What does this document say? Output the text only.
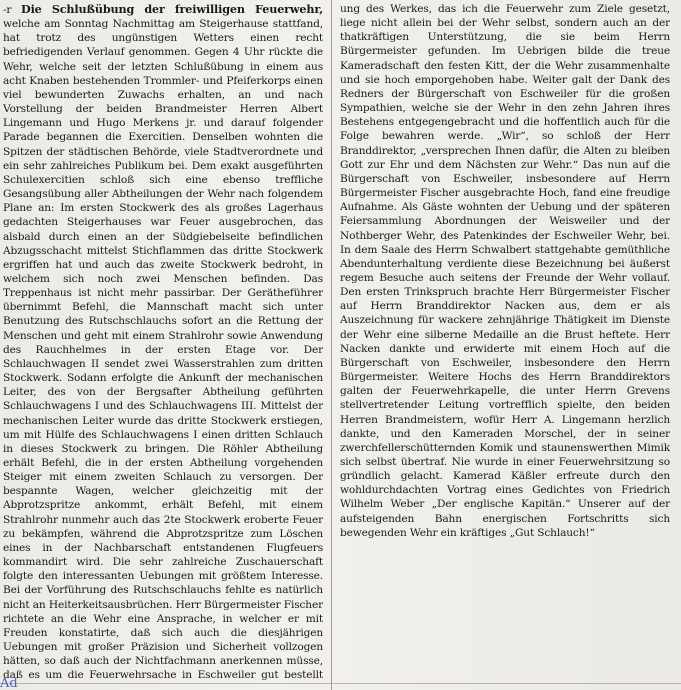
-r Die Schlußübung der freiwilligen Feuerwehr, welche am Sonntag Nachmittag am Steigerhause stattfand, hat trotz des ungünstigen Wetters einen recht befriedigenden Verlauf genommen. Gegen 4 Uhr rückte die Wehr, welche seit der letzten Schlußübung in einem aus acht Knaben bestehenden Trommler- und Pfeiferkorps einen viel bewunderten Zuwachs erhalten, an und nach Vorstellung der beiden Brandmeister Herren Albert Lingemann und Hugo Merkens jr. und darauf folgender Parade begannen die Exercitien. Denselben wohnten die Spitzen der städtischen Behörde, viele Stadtverordnete und ein sehr zahlreiches Publikum bei. Dem exakt ausgeführten Schulexercitien schloß sich eine ebenso treffliche Gesangsübung aller Abtheilungen der Wehr nach folgendem Plane an: Im ersten Stockwerk des als großes Lagerhaus gedachten Steigerhauses war Feuer ausgebrochen, das alsbald durch einen an der Südgiebelseite befindlichen Abzugsschacht mittelst Stichflammen das dritte Stockwerk ergriffen hat und auch das zweite Stockwerk bedroht, in welchem sich noch zwei Menschen befinden. Das Treppenhaus ist nicht mehr passirbar. Der Gerätheführer übernimmt Befehl, die Mannschaft macht sich unter Benutzung des Rutschschlauchs sofort an die Rettung der Menschen und geht mit einem Strahlrohr sowie Anwendung des Rauchhelmes in der ersten Etage vor. Der Schlauchwagen II sendet zwei Wasserstrahlen zum dritten Stockwerk. Sodann erfolgte die Ankunft der mechanischen Leiter, des von der Bergsafter Abtheilung geführten Schlauchwagens I und des Schlauchwagens III. Mittelst der mechanischen Leiter wurde das dritte Stockwerk erstiegen, um mit Hülfe des Schlauchwagens I einen dritten Schlauch in dieses Stockwerk zu bringen. Die Röhler Abtheilung erhält Befehl, die in der ersten Abtheilung vorgehenden Steiger mit einem zweiten Schlauch zu versorgen. Der bespannte Wagen, welcher gleichzeitig mit der Abprotzspritze ankommt, erhält Befehl, mit einem Strahlrohr nunmehr auch das 2te Stockwerk eroberte Feuer zu bekämpfen, während die Abprotzspritze zum Löschen eines in der Nachbarschaft entstandenen Flugfeuers kommandirt wird. Die sehr zahlreiche Zuschauerschaft folgte den interessanten Uebungen mit größtem Interesse. Bei der Vorführung des Rutschschlauchs fehlte es natürlich nicht an Heiterkeitsausbrüchen. Herr Bürgermeister Fischer richtete an die Wehr eine Ansprache, in welcher er mit Freuden konstatirte, daß sich auch die diesjährigen Uebungen mit großer Präzision und Sicherheit vollzogen hätten, so daß auch der Nichtfachmann anerkennen müsse, daß es um die Feuerwehrsache in Eschweiler gut bestellt

ung des Werkes, das ich die Feuerwehr zum Ziele gesetzt, liege nicht allein bei der Wehr selbst, sondern auch an der thatkräftigen Unterstützung, die sie beim Herrn Bürgermeister gefunden. Im Uebrigen bilde die treue Kameradschaft den festen Kitt, der die Wehr zusammenhalte und sie hoch emporgehoben habe. Weiter galt der Dank des Redners der Bürgerschaft von Eschweiler für die großen Sympathien, welche sie der Wehr in den zehn Jahren ihres Bestehens entgegengebracht und die hoffentlich auch für die Folge bewahren werde. „Wir“, so schloß der Herr Branddirektor, „versprechen Ihnen dafür, die Alten zu bleiben Gott zur Ehr und dem Nächsten zur Wehr.“ Das nun auf die Bürgerschaft von Eschweiler, insbesondere auf Herrn Bürgermeister Fischer ausgebrachte Hoch, fand eine freudige Aufnahme. Als Gäste wohnten der Uebung und der späteren Feiersammlung Abordnungen der Weisweiler und der Nothberger Wehr, des Patenkindes der Eschweiler Wehr, bei. In dem Saale des Herrn Schwalbert stattgehabte gemüthliche Abendunterhaltung verdiente diese Bezeichnung bei äußerst regem Besuche auch seitens der Freunde der Wehr vollauf. Den ersten Trinkspruch brachte Herr Bürgermeister Fischer auf Herrn Branddirektor Nacken aus, dem er als Auszeichnung für wackere zehnjährige Thätigkeit im Dienste der Wehr eine silberne Medaille an die Brust heftete. Herr Nacken dankte und erwiderte mit einem Hoch auf die Bürgerschaft von Eschweiler, insbesondere den Herrn Bürgermeister. Weitere Hochs des Herrn Branddirektors galten der Feuerwehrkapelle, die unter Herrn Grevens stellvertretender Leitung vortrefflich spielte, den beiden Herren Brandmeistern, wofür Herr A. Lingemann herzlich dankte, und den Kameraden Morschel, der in seiner zwerchfellerschütternden Komik und staunenswerthen Mimik sich selbst übertraf. Nie wurde in einer Feuerwehrsitzung so gründlich gelacht. Kamerad Käßler erfreute durch den wohldurchdachten Vortrag eines Gedichtes von Friedrich Wilhelm Weber „Der englische Kapitän.“ Unserer auf der aufsteigenden Bahn energischen Fortschritts sich bewegenden Wehr ein kräftiges „Gut Schlauch!“

Ad
